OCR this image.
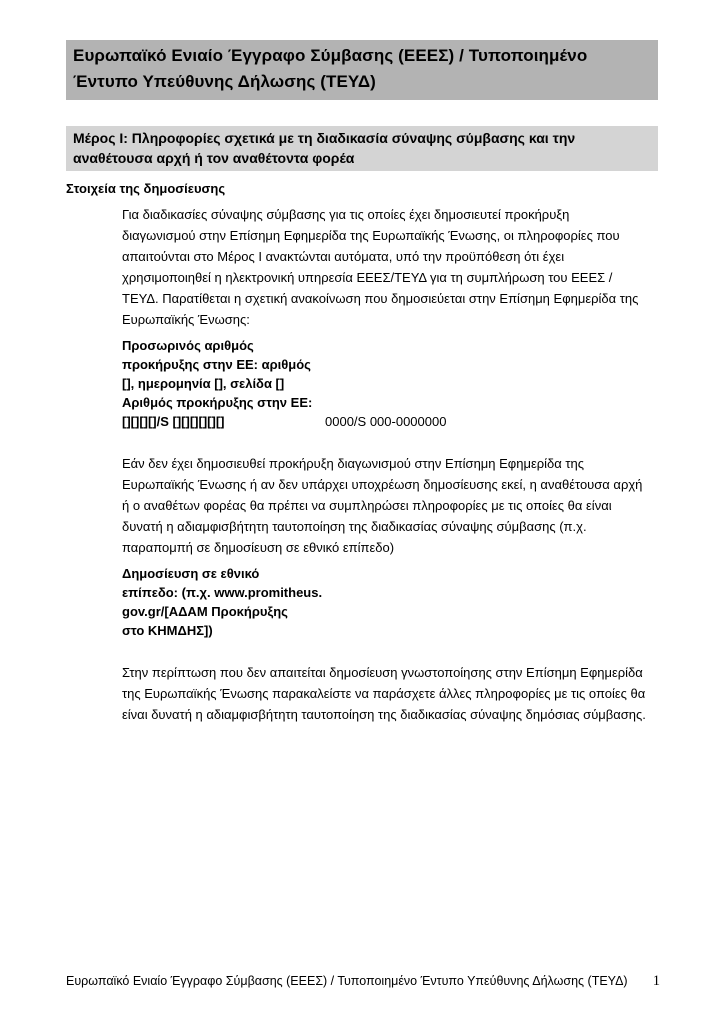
Ευρωπαϊκό Ενιαίο Έγγραφο Σύμβασης (ΕΕΕΣ) / Τυποποιημένο
Έντυπο Υπεύθυνης Δήλωσης (ΤΕΥΔ)
Μέρος Ι: Πληροφορίες σχετικά με τη διαδικασία σύναψης σύμβασης και την
αναθέτουσα αρχή ή τον αναθέτοντα φορέα
Στοιχεία της δημοσίευσης

Για διαδικασίες σύναψης σύμβασης για τις οποίες έχει δημοσιευτεί προκήρυξη διαγωνισμού στην Επίσημη Εφημερίδα της Ευρωπαϊκής Ένωσης, οι πληροφορίες που απαιτούνται στο Μέρος Ι ανακτώνται αυτόματα, υπό την προϋπόθεση ότι έχει χρησιμοποιηθεί η ηλεκτρονική υπηρεσία ΕΕΕΣ/ΤΕΥΔ για τη συμπλήρωση του ΕΕΕΣ /ΤΕΥΔ. Παρατίθεται η σχετική ανακοίνωση που δημοσιεύεται στην Επίσημη Εφημερίδα της Ευρωπαϊκής Ένωσης:

Προσωρινός αριθμός
προκήρυξης στην ΕΕ: αριθμός
[], ημερομηνία [], σελίδα []
Αριθμός προκήρυξης στην ΕΕ:
[][][][]/S [][][][][][]	0000/S 000-0000000

Εάν δεν έχει δημοσιευθεί προκήρυξη διαγωνισμού στην Επίσημη Εφημερίδα της Ευρωπαϊκής Ένωσης ή αν δεν υπάρχει υποχρέωση δημοσίευσης εκεί, η αναθέτουσα αρχή ή ο αναθέτων φορέας θα πρέπει να συμπληρώσει πληροφορίες με τις οποίες θα είναι δυνατή η αδιαμφισβήτητη ταυτοποίηση της διαδικασίας σύναψης σύμβασης (π.χ. παραπομπή σε δημοσίευση σε εθνικό επίπεδο)

Δημοσίευση σε εθνικό
επίπεδο: (π.χ. www.promitheus.
gov.gr/[ΑΔΑΜ Προκήρυξης
στο ΚΗΜΔΗΣ])

Στην περίπτωση που δεν απαιτείται δημοσίευση γνωστοποίησης στην Επίσημη Εφημερίδα της Ευρωπαϊκής Ένωσης παρακαλείστε να παράσχετε άλλες πληροφορίες με τις οποίες θα είναι δυνατή η αδιαμφισβήτητη ταυτοποίηση της διαδικασίας σύναψης δημόσιας σύμβασης.

Ευρωπαϊκό Ενιαίο Έγγραφο Σύμβασης (ΕΕΕΣ) / Τυποποιημένο Έντυπο Υπεύθυνης Δήλωσης (ΤΕΥΔ) 1
